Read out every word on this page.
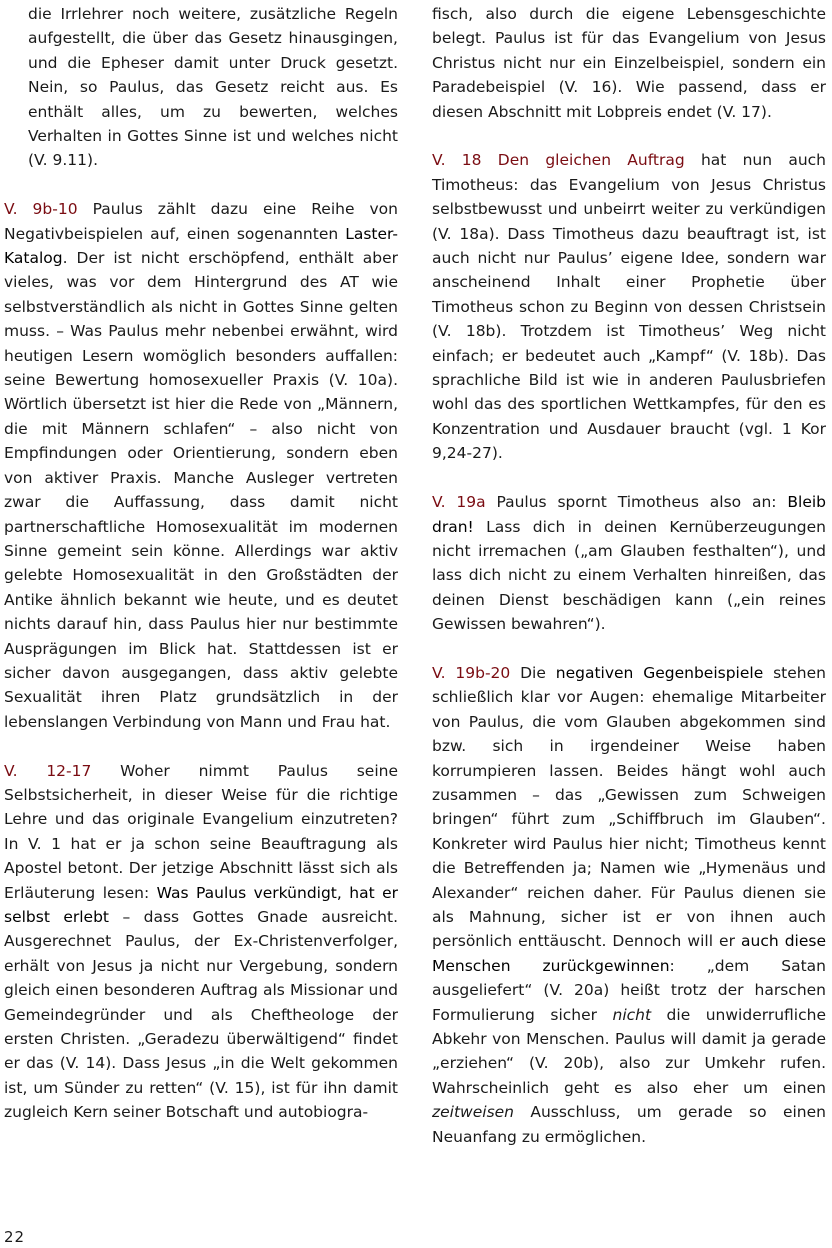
die Irrlehrer noch weitere, zusätzliche Regeln aufgestellt, die über das Gesetz hinausgingen, und die Epheser damit unter Druck gesetzt. Nein, so Paulus, das Gesetz reicht aus. Es enthält alles, um zu bewerten, welches Verhalten in Gottes Sinne ist und welches nicht (V. 9.11).

V. 9b-10 Paulus zählt dazu eine Reihe von Negativbeispielen auf, einen sogenannten Laster-Katalog. Der ist nicht erschöpfend, enthält aber vieles, was vor dem Hintergrund des AT wie selbstverständlich als nicht in Gottes Sinne gelten muss. – Was Paulus mehr nebenbei erwähnt, wird heutigen Lesern womöglich besonders auffallen: seine Bewertung homosexueller Praxis (V. 10a). Wörtlich übersetzt ist hier die Rede von „Männern, die mit Männern schlafen“ – also nicht von Empfindungen oder Orientierung, sondern eben von aktiver Praxis. Manche Ausleger vertreten zwar die Auffassung, dass damit nicht partnerschaftliche Homosexualität im modernen Sinne gemeint sein könne. Allerdings war aktiv gelebte Homosexualität in den Großstädten der Antike ähnlich bekannt wie heute, und es deutet nichts darauf hin, dass Paulus hier nur bestimmte Ausprägungen im Blick hat. Stattdessen ist er sicher davon ausgegangen, dass aktiv gelebte Sexualität ihren Platz grundsätzlich in der lebenslangen Verbindung von Mann und Frau hat.

V. 12-17 Woher nimmt Paulus seine Selbstsicherheit, in dieser Weise für die richtige Lehre und das originale Evangelium einzutreten? In V. 1 hat er ja schon seine Beauftragung als Apostel betont. Der jetzige Abschnitt lässt sich als Erläuterung lesen: Was Paulus verkündigt, hat er selbst erlebt – dass Gottes Gnade ausreicht. Ausgerechnet Paulus, der Ex-Christenverfolger, erhält von Jesus ja nicht nur Vergebung, sondern gleich einen besonderen Auftrag als Missionar und Gemeindegründer und als Cheftheologe der ersten Christen. „Geradezu überwältigend“ findet er das (V. 14). Dass Jesus „in die Welt gekommen ist, um Sünder zu retten“ (V. 15), ist für ihn damit zugleich Kern seiner Botschaft und autobiogra-

fisch, also durch die eigene Lebensgeschichte belegt. Paulus ist für das Evangelium von Jesus Christus nicht nur ein Einzelbeispiel, sondern ein Paradebeispiel (V. 16). Wie passend, dass er diesen Abschnitt mit Lobpreis endet (V. 17).

V. 18 Den gleichen Auftrag hat nun auch Timotheus: das Evangelium von Jesus Christus selbstbewusst und unbeirrt weiter zu verkündigen (V. 18a). Dass Timotheus dazu beauftragt ist, ist auch nicht nur Paulus’ eigene Idee, sondern war anscheinend Inhalt einer Prophetie über Timotheus schon zu Beginn von dessen Christsein (V. 18b). Trotzdem ist Timotheus’ Weg nicht einfach; er bedeutet auch „Kampf“ (V. 18b). Das sprachliche Bild ist wie in anderen Paulusbriefen wohl das des sportlichen Wettkampfes, für den es Konzentration und Ausdauer braucht (vgl. 1 Kor 9,24-27).

V. 19a Paulus spornt Timotheus also an: Bleib dran! Lass dich in deinen Kernüberzeugungen nicht irremachen („am Glauben festhalten“), und lass dich nicht zu einem Verhalten hinreißen, das deinen Dienst beschädigen kann („ein reines Gewissen bewahren“).

V. 19b-20 Die negativen Gegenbeispiele stehen schließlich klar vor Augen: ehemalige Mitarbeiter von Paulus, die vom Glauben abgekommen sind bzw. sich in irgendeiner Weise haben korrumpieren lassen. Beides hängt wohl auch zusammen – das „Gewissen zum Schweigen bringen“ führt zum „Schiffbruch im Glauben“. Konkreter wird Paulus hier nicht; Timotheus kennt die Betreffenden ja; Namen wie „Hymenäus und Alexander“ reichen daher. Für Paulus dienen sie als Mahnung, sicher ist er von ihnen auch persönlich enttäuscht. Dennoch will er auch diese Menschen zurückgewinnen: „dem Satan ausgeliefert“ (V. 20a) heißt trotz der harschen Formulierung sicher nicht die unwiderrufliche Abkehr von Menschen. Paulus will damit ja gerade „erziehen“ (V. 20b), also zur Umkehr rufen. Wahrscheinlich geht es also eher um einen zeitweisen Ausschluss, um gerade so einen Neuanfang zu ermöglichen.

22
